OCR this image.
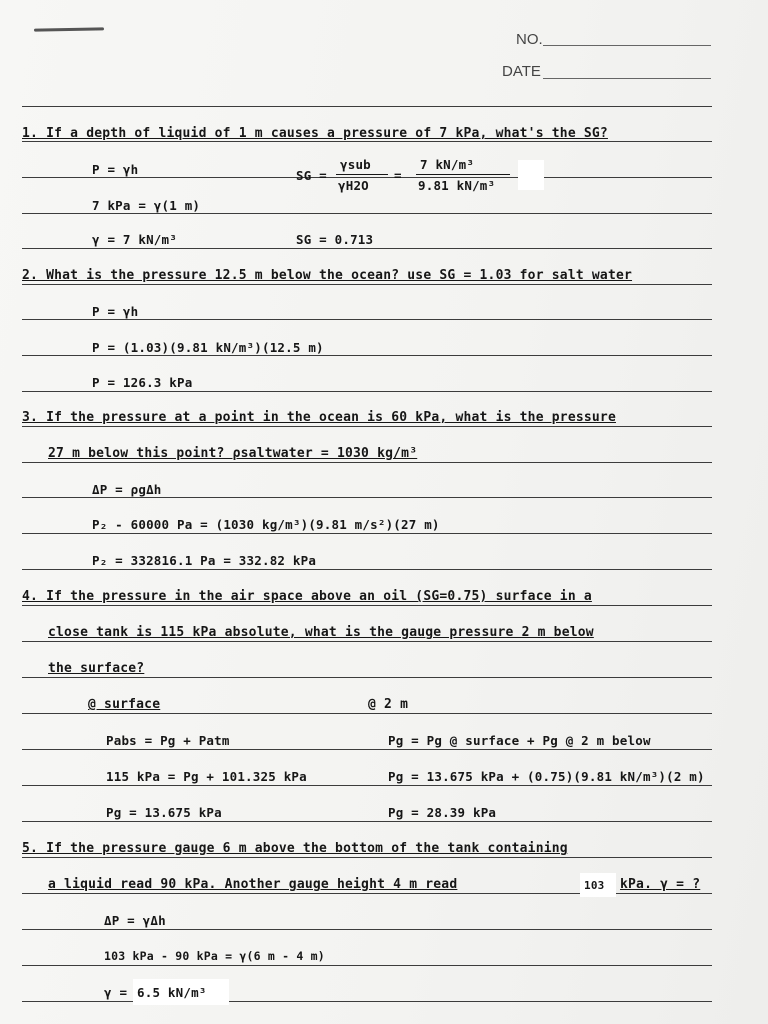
NO.
DATE
1. If a depth of liquid of 1 m causes a pressure of 7 kPa, what's the SG?
P = γh
7 kPa = γ(1 m)
γ = 7 kN/m³
SG =
γsub
γH2O
=
7 kN/m³
9.81 kN/m³
SG = 0.713
2. What is the pressure 12.5 m below the ocean? use SG = 1.03 for salt water
P = γh
P = (1.03)(9.81 kN/m³)(12.5 m)
P = 126.3 kPa
3. If the pressure at a point in the ocean is 60 kPa, what is the pressure
27 m below this point? ρsaltwater = 1030 kg/m³
ΔP = ρgΔh
P₂ - 60000 Pa = (1030 kg/m³)(9.81 m/s²)(27 m)
P₂ = 332816.1 Pa = 332.82 kPa
4. If the pressure in the air space above an oil (SG=0.75) surface in a
close tank is 115 kPa absolute, what is the gauge pressure 2 m below
the surface?
@ surface
Pabs = Pg + Patm
115 kPa = Pg + 101.325 kPa
Pg = 13.675 kPa
@ 2 m
Pg = Pg @ surface + Pg @ 2 m below
Pg = 13.675 kPa + (0.75)(9.81 kN/m³)(2 m)
Pg = 28.39 kPa
5. If the pressure gauge 6 m above the bottom of the tank containing
a liquid read 90 kPa. Another gauge height 4 m read	103 kPa. γ = ?
ΔP = γΔh
103 kPa - 90 kPa = γ(6 m - 4 m)
γ = 6.5 kN/m³
